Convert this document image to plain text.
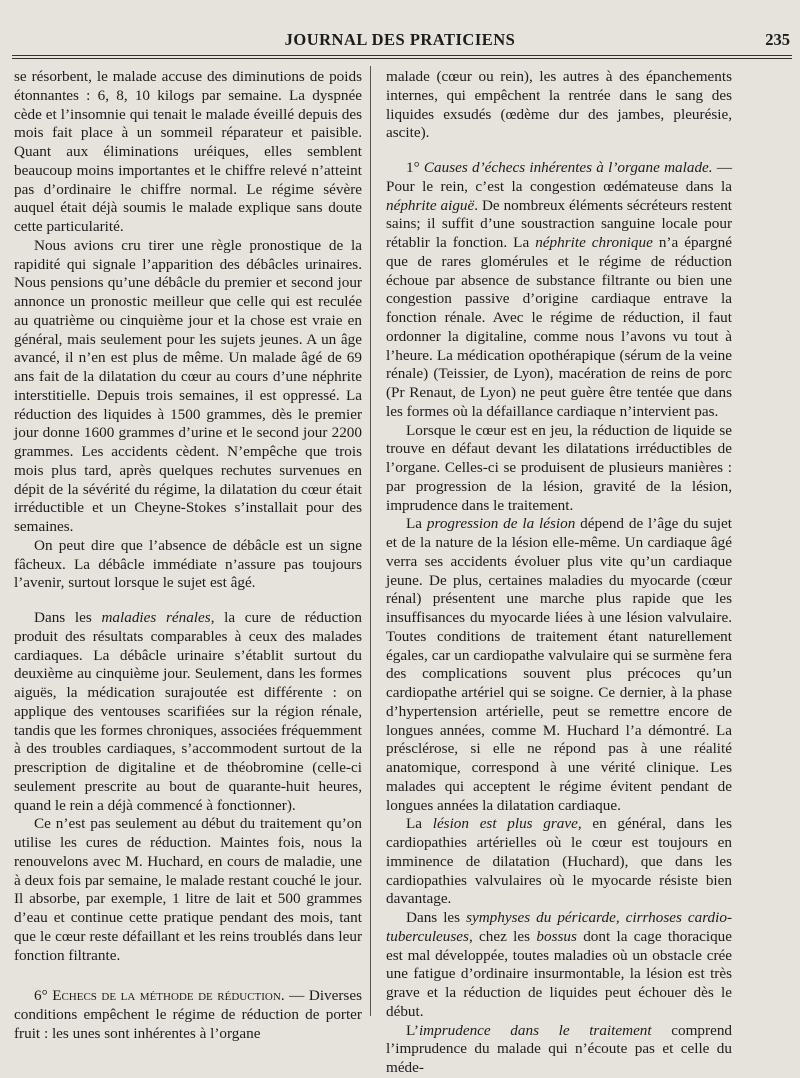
JOURNAL DES PRATICIENS	235

se résorbent, le malade accuse des diminutions de poids étonnantes : 6, 8, 10 kilogs par semaine. La dyspnée cède et l’insomnie qui tenait le malade éveillé depuis des mois fait place à un sommeil réparateur et paisible. Quant aux éliminations uréiques, elles semblent beaucoup moins importantes et le chiffre relevé n’atteint pas d’ordinaire le chiffre normal. Le régime sévère auquel était déjà soumis le malade explique sans doute cette particularité.

Nous avions cru tirer une règle pronostique de la rapidité qui signale l’apparition des débâcles urinaires. Nous pensions qu’une débâcle du premier et second jour annonce un pronostic meilleur que celle qui est reculée au quatrième ou cinquième jour et la chose est vraie en général, mais seulement pour les sujets jeunes. A un âge avancé, il n’en est plus de même. Un malade âgé de 69 ans fait de la dilatation du cœur au cours d’une néphrite interstitielle. Depuis trois semaines, il est oppressé. La réduction des liquides à 1500 grammes, dès le premier jour donne 1600 grammes d’urine et le second jour 2200 grammes. Les accidents cèdent. N’empêche que trois mois plus tard, après quelques rechutes survenues en dépit de la sévérité du régime, la dilatation du cœur était irréductible et un Cheyne-Stokes s’installait pour des semaines.

On peut dire que l’absence de débâcle est un signe fâcheux. La débâcle immédiate n’assure pas toujours l’avenir, surtout lorsque le sujet est âgé.

Dans les maladies rénales, la cure de réduction produit des résultats comparables à ceux des malades cardiaques. La débâcle urinaire s’établit surtout du deuxième au cinquième jour. Seulement, dans les formes aiguës, la médication surajoutée est différente : on applique des ventouses scarifiées sur la région rénale, tandis que les formes chroniques, associées fréquemment à des troubles cardiaques, s’accommodent surtout de la prescription de digitaline et de théobromine (celle-ci seulement prescrite au bout de quarante-huit heures, quand le rein a déjà commencé à fonctionner).

Ce n’est pas seulement au début du traitement qu’on utilise les cures de réduction. Maintes fois, nous la renouvelons avec M. Huchard, en cours de maladie, une à deux fois par semaine, le malade restant couché le jour. Il absorbe, par exemple, 1 litre de lait et 500 grammes d’eau et continue cette pratique pendant des mois, tant que le cœur reste défaillant et les reins troublés dans leur fonction filtrante.

6° Echecs de la méthode de réduction. — Diverses conditions empêchent le régime de réduction de porter fruit : les unes sont inhérentes à l’organe

malade (cœur ou rein), les autres à des épanchements internes, qui empêchent la rentrée dans le sang des liquides exsudés (œdème dur des jambes, pleurésie, ascite).

1° Causes d’échecs inhérentes à l’organe malade. — Pour le rein, c’est la congestion œdémateuse dans la néphrite aiguë. De nombreux éléments sécréteurs restent sains; il suffit d’une soustraction sanguine locale pour rétablir la fonction. La néphrite chronique n’a épargné que de rares glomérules et le régime de réduction échoue par absence de substance filtrante ou bien une congestion passive d’origine cardiaque entrave la fonction rénale. Avec le régime de réduction, il faut ordonner la digitaline, comme nous l’avons vu tout à l’heure. La médication opothérapique (sérum de la veine rénale) (Teissier, de Lyon), macération de reins de porc (Pr Renaut, de Lyon) ne peut guère être tentée que dans les formes où la défaillance cardiaque n’intervient pas.

Lorsque le cœur est en jeu, la réduction de liquide se trouve en défaut devant les dilatations irréductibles de l’organe. Celles-ci se produisent de plusieurs manières : par progression de la lésion, gravité de la lésion, imprudence dans le traitement.

La progression de la lésion dépend de l’âge du sujet et de la nature de la lésion elle-même. Un cardiaque âgé verra ses accidents évoluer plus vite qu’un cardiaque jeune. De plus, certaines maladies du myocarde (cœur rénal) présentent une marche plus rapide que les insuffisances du myocarde liées à une lésion valvulaire. Toutes conditions de traitement étant naturellement égales, car un cardiopathe valvulaire qui se surmène fera des complications souvent plus précoces qu’un cardiopathe artériel qui se soigne. Ce dernier, à la phase d’hypertension artérielle, peut se remettre encore de longues années, comme M. Huchard l’a démontré. La présclérose, si elle ne répond pas à une réalité anatomique, correspond à une vérité clinique. Les malades qui acceptent le régime évitent pendant de longues années la dilatation cardiaque.

La lésion est plus grave, en général, dans les cardiopathies artérielles où le cœur est toujours en imminence de dilatation (Huchard), que dans les cardiopathies valvulaires où le myocarde résiste bien davantage.

Dans les symphyses du péricarde, cirrhoses cardio-tuberculeuses, chez les bossus dont la cage thoracique est mal développée, toutes maladies où un obstacle crée une fatigue d’ordinaire insurmontable, la lésion est très grave et la réduction de liquides peut échouer dès le début.

L’imprudence dans le traitement comprend l’imprudence du malade qui n’écoute pas et celle du méde-
